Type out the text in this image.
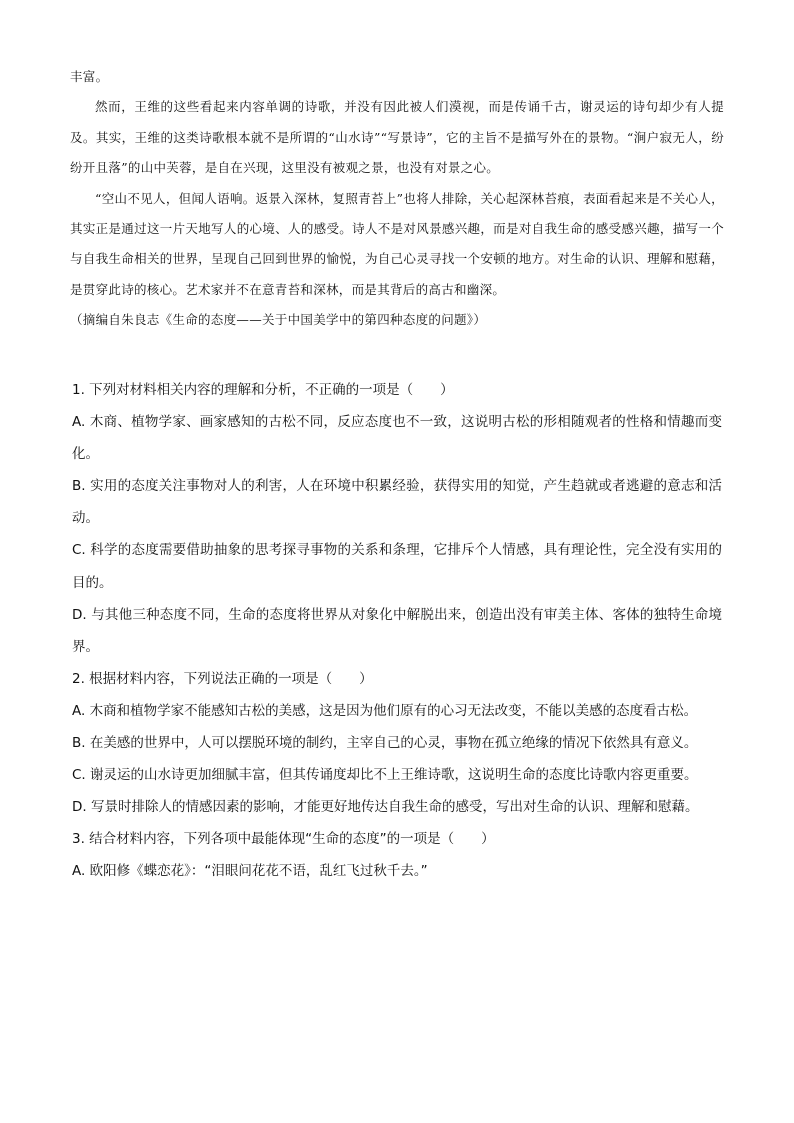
丰富。

然而，王维的这些看起来内容单调的诗歌，并没有因此被人们漠视，而是传诵千古，谢灵运的诗句却少有人提及。其实，王维的这类诗歌根本就不是所谓的“山水诗”“写景诗”，它的主旨不是描写外在的景物。“涧户寂无人，纷纷开且落”的山中芙蓉，是自在兴现，这里没有被观之景，也没有对景之心。

“空山不见人，但闻人语响。返景入深林，复照青苔上”也将人排除，关心起深林苔痕，表面看起来是不关心人，其实正是通过这一片天地写人的心境、人的感受。诗人不是对风景感兴趣，而是对自我生命的感受感兴趣，描写一个与自我生命相关的世界，呈现自己回到世界的愉悦，为自己心灵寻找一个安顿的地方。对生命的认识、理解和慰藉，是贯穿此诗的核心。艺术家并不在意青苔和深林，而是其背后的高古和幽深。

（摘编自朱良志《生命的态度——关于中国美学中的第四种态度的问题》）

1. 下列对材料相关内容的理解和分析，不正确的一项是（　　）

A. 木商、植物学家、画家感知的古松不同，反应态度也不一致，这说明古松的形相随观者的性格和情趣而变化。

B. 实用的态度关注事物对人的利害，人在环境中积累经验，获得实用的知觉，产生趋就或者逃避的意志和活动。

C. 科学的态度需要借助抽象的思考探寻事物的关系和条理，它排斥个人情感，具有理论性，完全没有实用的目的。

D. 与其他三种态度不同，生命的态度将世界从对象化中解脱出来，创造出没有审美主体、客体的独特生命境界。

2. 根据材料内容，下列说法正确的一项是（　　）

A. 木商和植物学家不能感知古松的美感，这是因为他们原有的心习无法改变，不能以美感的态度看古松。

B. 在美感的世界中，人可以摆脱环境的制约，主宰自己的心灵，事物在孤立绝缘的情况下依然具有意义。

C. 谢灵运的山水诗更加细腻丰富，但其传诵度却比不上王维诗歌，这说明生命的态度比诗歌内容更重要。

D. 写景时排除人的情感因素的影响，才能更好地传达自我生命的感受，写出对生命的认识、理解和慰藉。

3. 结合材料内容，下列各项中最能体现“生命的态度”的一项是（　　）

A. 欧阳修《蝶恋花》：“泪眼问花花不语，乱红飞过秋千去。”
